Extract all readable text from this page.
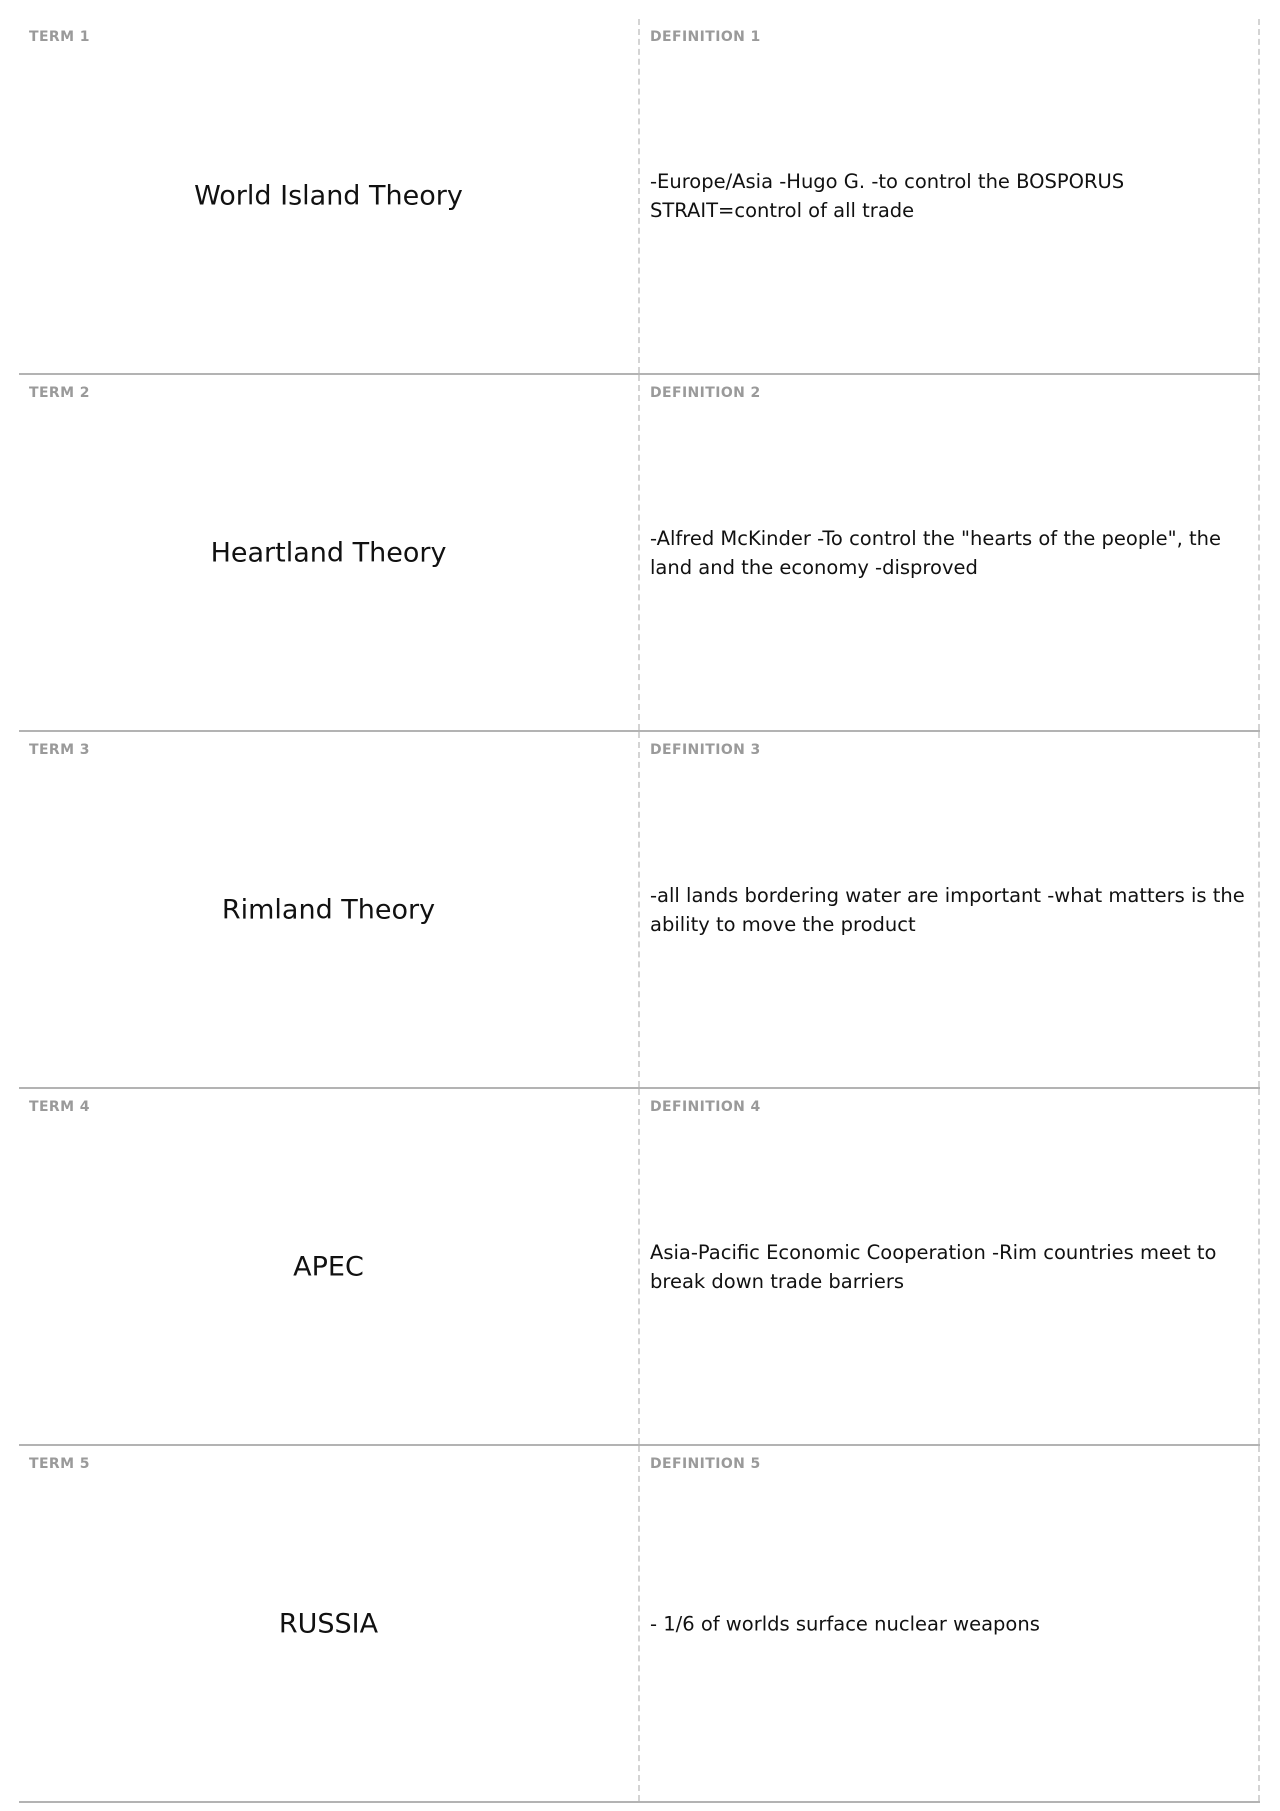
TERM 1
World Island Theory
DEFINITION 1
-Europe/Asia -Hugo G. -to control the BOSPORUS STRAIT=control of all trade
TERM 2
Heartland Theory
DEFINITION 2
-Alfred McKinder -To control the "hearts of the people", the land and the economy -disproved
TERM 3
Rimland Theory
DEFINITION 3
-all lands bordering water are important -what matters is the ability to move the product
TERM 4
APEC
DEFINITION 4
Asia-Pacific Economic Cooperation -Rim countries meet to break down trade barriers
TERM 5
RUSSIA
DEFINITION 5
- 1/6 of worlds surface nuclear weapons
